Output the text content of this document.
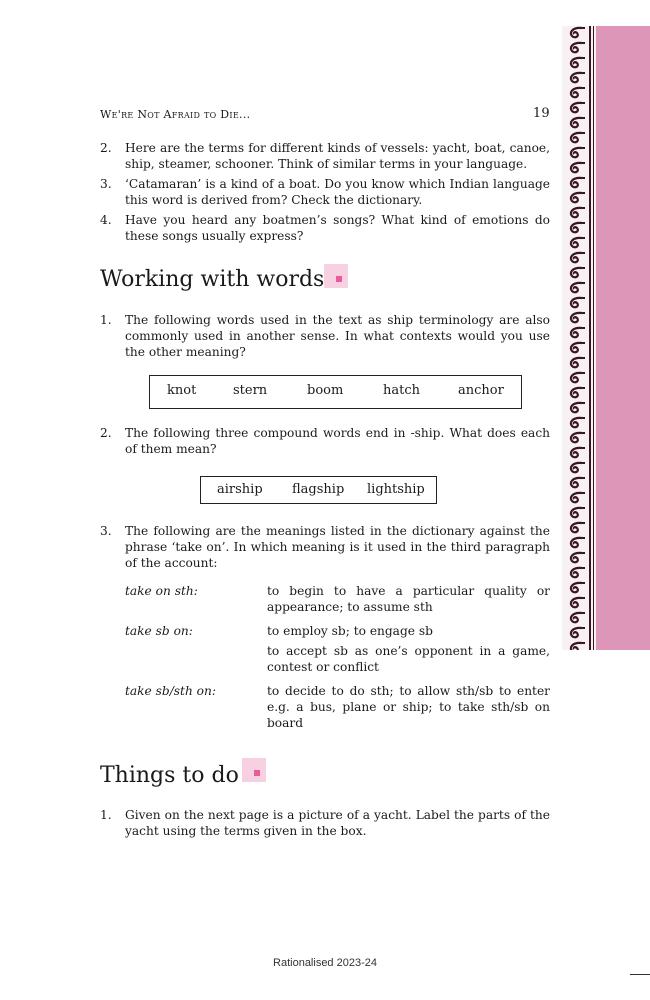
We're Not Afraid to Die...	19
2. Here are the terms for different kinds of vessels: yacht, boat, canoe, ship, steamer, schooner. Think of similar terms in your language.
3. ‘Catamaran’ is a kind of a boat. Do you know which Indian language this word is derived from? Check the dictionary.
4. Have you heard any boatmen’s songs? What kind of emotions do these songs usually express?
Working with words
1. The following words used in the text as ship terminology are also commonly used in another sense. In what contexts would you use the other meaning?
knot	stern	boom	hatch	anchor
2. The following three compound words end in -ship. What does each of them mean?
airship flagship lightship
3. The following are the meanings listed in the dictionary against the phrase ‘take on’. In which meaning is it used in the third paragraph of the account:
take on sth:	to begin to have a particular quality or appearance; to assume sth
take sb on:	to employ sb; to engage sb
to accept sb as one’s opponent in a game, contest or conflict
take sb/sth on:	to decide to do sth; to allow sth/sb to enter e.g. a bus, plane or ship; to take sth/sb on board
Things to do
1. Given on the next page is a picture of a yacht. Label the parts of the yacht using the terms given in the box.
Rationalised 2023-24
